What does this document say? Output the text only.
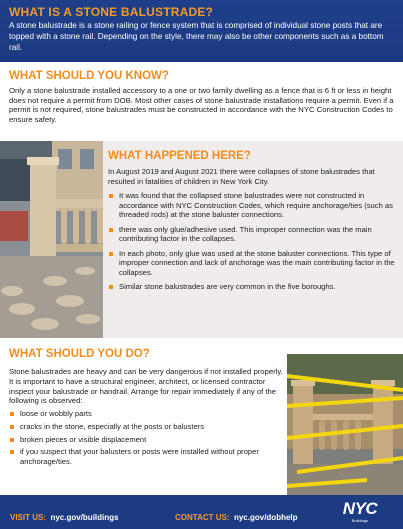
WHAT IS A STONE BALUSTRADE?

A stone balustrade is a stone railing or fence system that is comprised of individual stone posts that are topped with a stone rail. Depending on the style, there may also be other components such as a bottom rail.

WHAT SHOULD YOU KNOW?

Only a stone balustrade installed accessory to a one or two family dwelling as a fence that is 6 ft or less in height does not require a permit from DOB. Most other cases of stone balustrade installations require a permit. Even if a permit is not required, stone balustrades must be constructed in accordance with the NYC Construction Codes to ensure safety.

WHAT HAPPENED HERE?

In August 2019 and August 2021 there were collapses of stone balustrades that resulted in fatalities of children in New York City.

It was found that the collapsed stone balustrades were not constructed in accordance with NYC Construction Codes, which require anchorage/ties (such as threaded rods) at the stone baluster connections.
there was only glue/adhesive used. This improper connection was the main contributing factor in the collapses.
In each photo, only glue was used at the stone baluster connections. This type of improper connection and lack of anchorage was the main contributing factor in the collapses.
Similar stone balustrades are very common in the five boroughs.
WHAT SHOULD YOU DO?

Stone balustrades are heavy and can be very dangerous if not installed properly. It is important to have a structural engineer, architect, or licensed contractor inspect your balustrade or handrail. Arrange for repair immediately if any of the following is observed:

loose or wobbly parts
cracks in the stone, especially at the posts or balusters
broken pieces or visible displacement
if you suspect that your balusters or posts were installed without proper anchorage/ties.
VISIT US: nyc.gov/buildings	CONTACT US: nyc.gov/dobhelp	NYC
Buildings
